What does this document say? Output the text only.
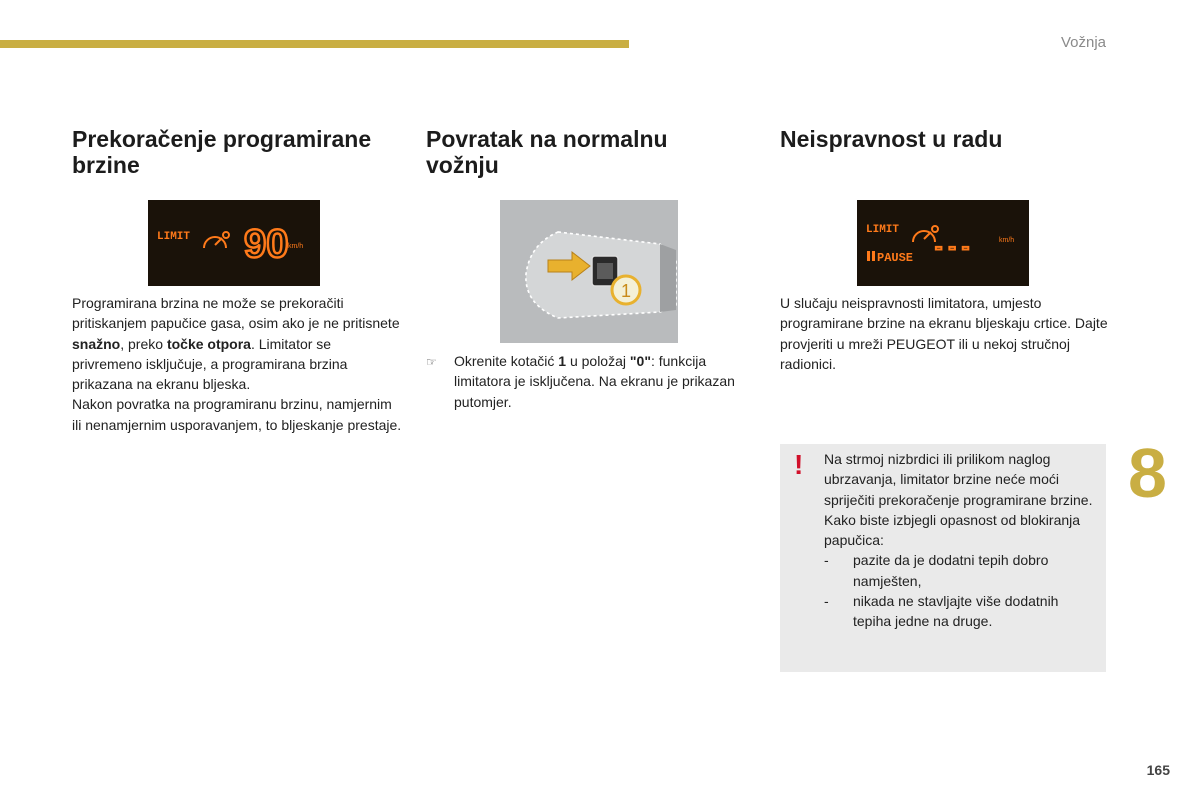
Vožnja
Prekoračenje programirane brzine
LIMIT 90 km/h

Programirana brzina ne može se prekoračiti pritiskanjem papučice gasa, osim ako je ne pritisnete snažno, preko točke otpora. Limitator se privremeno isključuje, a programirana brzina prikazana na ekranu bljeska.

Nakon povratka na programiranu brzinu, namjernim ili nenamjernim usporavanjem, to bljeskanje prestaje.

Povratak na normalnu vožnju
1
☞	Okrenite kotačić 1 u položaj "0": funkcija limitatora je isključena. Na ekranu je prikazan putomjer.

Neispravnost u radu
LIMIT
PAUSE - - -	km/h

U slučaju neispravnosti limitatora, umjesto programirane brzine na ekranu bljeskaju crtice. Dajte provjeriti u mreži PEUGEOT ili u nekoj stručnoj radionici.

! Na strmoj nizbrdici ili prilikom naglog ubrzavanja, limitator brzine neće moći spriječiti prekoračenje programirane brzine.

Kako biste izbjegli opasnost od blokiranja papučica:

-	pazite da je dodatni tepih dobro namješten,
-	nikada ne stavljajte više dodatnih tepiha jedne na druge.
8
165
